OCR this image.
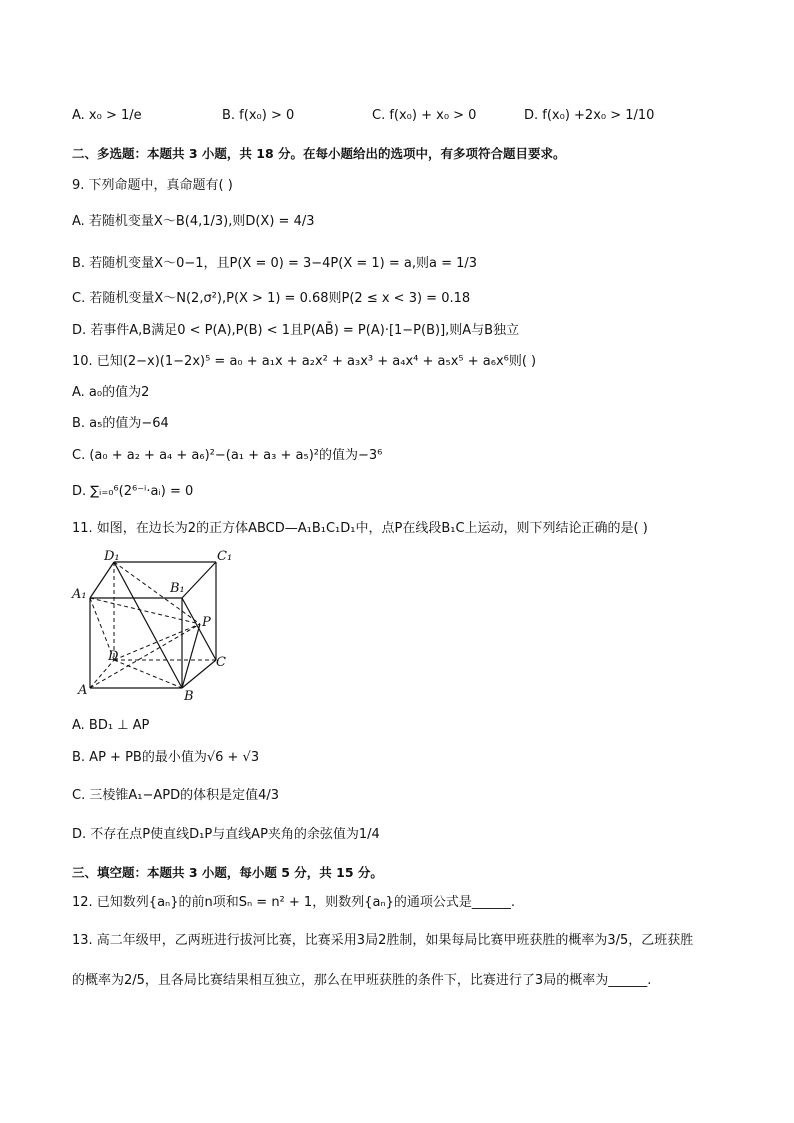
A. x₀ > 1/e	B. f(x₀) > 0	C. f(x₀) + x₀ > 0	D. f(x₀) +2x₀ > 1/10
二、多选题：本题共 3 小题，共 18 分。在每小题给出的选项中，有多项符合题目要求。
9. 下列命题中，真命题有( )
A. 若随机变量X～B(4,1/3),则D(X) = 4/3
B. 若随机变量X～0−1，且P(X = 0) = 3−4P(X = 1) = a,则a = 1/3
C. 若随机变量X～N(2,σ²),P(X > 1) = 0.68则P(2 ≤ x < 3) = 0.18
D. 若事件A,B满足0 < P(A),P(B) < 1且P(AB̄) = P(A)·[1−P(B)],则A与B独立
10. 已知(2−x)(1−2x)⁵ = a₀ + a₁x + a₂x² + a₃x³ + a₄x⁴ + a₅x⁵ + a₆x⁶则( )
A. a₀的值为2
B. a₅的值为−64
C. (a₀ + a₂ + a₄ + a₆)²−(a₁ + a₃ + a₅)²的值为−3⁶
D. ∑ᵢ₌₀⁶(2⁶⁻ⁱ·aᵢ) = 0
11. 如图，在边长为2的正方体ABCD—A₁B₁C₁D₁中，点P在线段B₁C上运动，则下列结论正确的是( )
D₁	C₁
A₁	B₁
P
D	C
A	B
A. BD₁ ⊥ AP
B. AP + PB的最小值为√6 + √3
C. 三棱锥A₁−APD的体积是定值4/3
D. 不存在点P使直线D₁P与直线AP夹角的余弦值为1/4
三、填空题：本题共 3 小题，每小题 5 分，共 15 分。
12. 已知数列{aₙ}的前n项和Sₙ = n² + 1，则数列{aₙ}的通项公式是______.
13. 高二年级甲，乙两班进行拔河比赛，比赛采用3局2胜制，如果每局比赛甲班获胜的概率为3/5，乙班获胜
的概率为2/5，且各局比赛结果相互独立，那么在甲班获胜的条件下，比赛进行了3局的概率为______.
